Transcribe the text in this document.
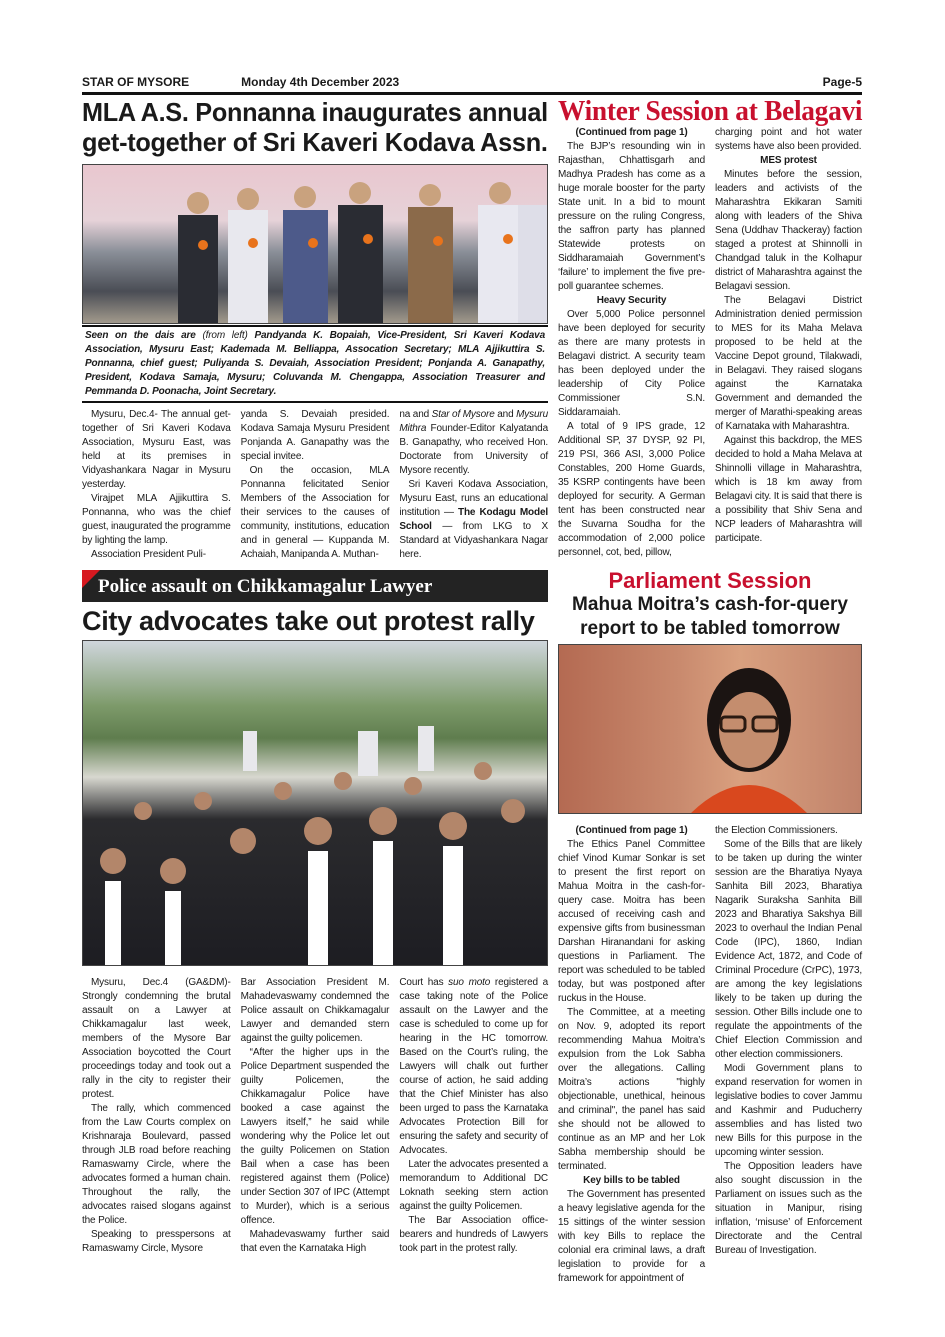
STAR OF MYSORE	Monday 4th December 2023	Page-5
MLA A.S. Ponnanna inaugurates annual
get-together of Sri Kaveri Kodava Assn.
Seen on the dais are (from left) Pandyanda K. Bopaiah, Vice-President, Sri Kaveri Kodava Association, Mysuru East; Kademada M. Belliappa, Assocation Secretary; MLA Ajjikuttira S. Ponnanna, chief guest; Puliyanda S. Devaiah, Association President; Ponjanda A. Ganapathy, President, Kodava Samaja, Mysuru; Coluvanda M. Chengappa, Association Treasurer and Pemmanda D. Poonacha, Joint Secretary.

Mysuru, Dec.4- The annual get-together of Sri Kaveri Kodava Association, Mysuru East, was held at its premises in Vidyashankara Nagar in Mysuru yesterday.

Virajpet MLA Ajjikuttira S. Ponnanna, who was the chief guest, inaugurated the programme by lighting the lamp.

Association President Puli-

yanda S. Devaiah presided. Kodava Samaja Mysuru President Ponjanda A. Ganapathy was the special invitee.

On the occasion, MLA Ponnanna felicitated Senior Members of the Association for their services to the causes of community, institutions, education and in general — Kuppanda M. Achaiah, Manipanda A. Muthan-

na and Star of Mysore and Mysuru Mithra Founder-Editor Kalyatanda B. Ganapathy, who received Hon. Doctorate from University of Mysore recently.

Sri Kaveri Kodava Association, Mysuru East, runs an educational institution — The Kodagu Model School — from LKG to X Standard at Vidyashankara Nagar here.

Police assault on Chikkamagalur Lawyer
City advocates take out protest rally

Mysuru, Dec.4 (GA&DM)- Strongly condemning the brutal assault on a Lawyer at Chikkamagalur last week, members of the Mysore Bar Association boycotted the Court proceedings today and took out a rally in the city to register their protest.

The rally, which commenced from the Law Courts complex on Krishnaraja Boulevard, passed through JLB road before reaching Ramaswamy Circle, where the advocates formed a human chain. Throughout the rally, the advocates raised slogans against the Police.

Speaking to presspersons at Ramaswamy Circle, Mysore

Bar Association President M. Mahadevaswamy condemned the Police assault on Chikkamagalur Lawyer and demanded stern against the guilty policemen.

“After the higher ups in the Police Department suspended the guilty Policemen, the Chikkamagalur Police have booked a case against the Lawyers itself,” he said while wondering why the Police let out the guilty Policemen on Station Bail when a case has been registered against them (Police) under Section 307 of IPC (Attempt to Murder), which is a serious offence.

Mahadevaswamy further said that even the Karnataka High

Court has suo moto registered a case taking note of the Police assault on the Lawyer and the case is scheduled to come up for hearing in the HC tomorrow. Based on the Court’s ruling, the Lawyers will chalk out further course of action, he said adding that the Chief Minister has also been urged to pass the Karnataka Advocates Protection Bill for ensuring the safety and security of Advocates.

Later the advocates presented a memorandum to Additional DC Loknath seeking stern action against the guilty Policemen.

The Bar Association office-bearers and hundreds of Lawyers took part in the protest rally.

Winter Session at Belagavi

(Continued from page 1)

The BJP’s resounding win in Rajasthan, Chhattisgarh and Madhya Pradesh has come as a huge morale booster for the party State unit. In a bid to mount pressure on the ruling Congress, the saffron party has planned Statewide protests on Siddharamaiah Government’s ‘failure’ to implement the five pre-poll guarantee schemes.

Heavy Security

Over 5,000 Police personnel have been deployed for security as there are many protests in Belagavi district. A security team has been deployed under the leadership of City Police Commissioner S.N. Siddaramaiah.

A total of 9 IPS grade, 12 Additional SP, 37 DYSP, 92 PI, 219 PSI, 366 ASI, 3,000 Police Constables, 200 Home Guards, 35 KSRP contingents have been deployed for security. A German tent has been constructed near the Suvarna Soudha for the accommodation of 2,000 police personnel, cot, bed, pillow,

charging point and hot water systems have also been provided.

MES protest

Minutes before the session, leaders and activists of the Maharashtra Ekikaran Samiti along with leaders of the Shiva Sena (Uddhav Thackeray) faction staged a protest at Shinnolli in Chandgad taluk in the Kolhapur district of Maharashtra against the Belagavi session.

The Belagavi District Administration denied permission to MES for its Maha Melava proposed to be held at the Vaccine Depot ground, Tilakwadi, in Belagavi. They raised slogans against the Karnataka Government and demanded the merger of Marathi-speaking areas of Karnataka with Maharashtra.

Against this backdrop, the MES decided to hold a Maha Melava at Shinnolli village in Maharashtra, which is 18 km away from Belagavi city. It is said that there is a possibility that Shiv Sena and NCP leaders of Maharashtra will participate.

Parliament Session
Mahua Moitra’s cash-for-query
report to be tabled tomorrow

(Continued from page 1)

The Ethics Panel Committee chief Vinod Kumar Sonkar is set to present the first report on Mahua Moitra in the cash-for-query case. Moitra has been accused of receiving cash and expensive gifts from businessman Darshan Hiranandani for asking questions in Parliament. The report was scheduled to be tabled today, but was postponed after ruckus in the House.

The Committee, at a meeting on Nov. 9, adopted its report recommending Mahua Moitra’s expulsion from the Lok Sabha over the allegations. Calling Moitra’s actions "highly objectionable, unethical, heinous and criminal", the panel has said she should not be allowed to continue as an MP and her Lok Sabha membership should be terminated.

Key bills to be tabled

The Government has presented a heavy legislative agenda for the 15 sittings of the winter session with key Bills to replace the colonial era criminal laws, a draft legislation to provide for a framework for appointment of

the Election Commissioners.

Some of the Bills that are likely to be taken up during the winter session are the Bharatiya Nyaya Sanhita Bill 2023, Bharatiya Nagarik Suraksha Sanhita Bill 2023 and Bharatiya Sakshya Bill 2023 to overhaul the Indian Penal Code (IPC), 1860, Indian Evidence Act, 1872, and Code of Criminal Procedure (CrPC), 1973, are among the key legislations likely to be taken up during the session. Other Bills include one to regulate the appointments of the Chief Election Commission and other election commissioners.

Modi Government plans to expand reservation for women in legislative bodies to cover Jammu and Kashmir and Puducherry assemblies and has listed two new Bills for this purpose in the upcoming winter session.

The Opposition leaders have also sought discussion in the Parliament on issues such as the situation in Manipur, rising inflation, ‘misuse’ of Enforcement Directorate and the Central Bureau of Investigation.
